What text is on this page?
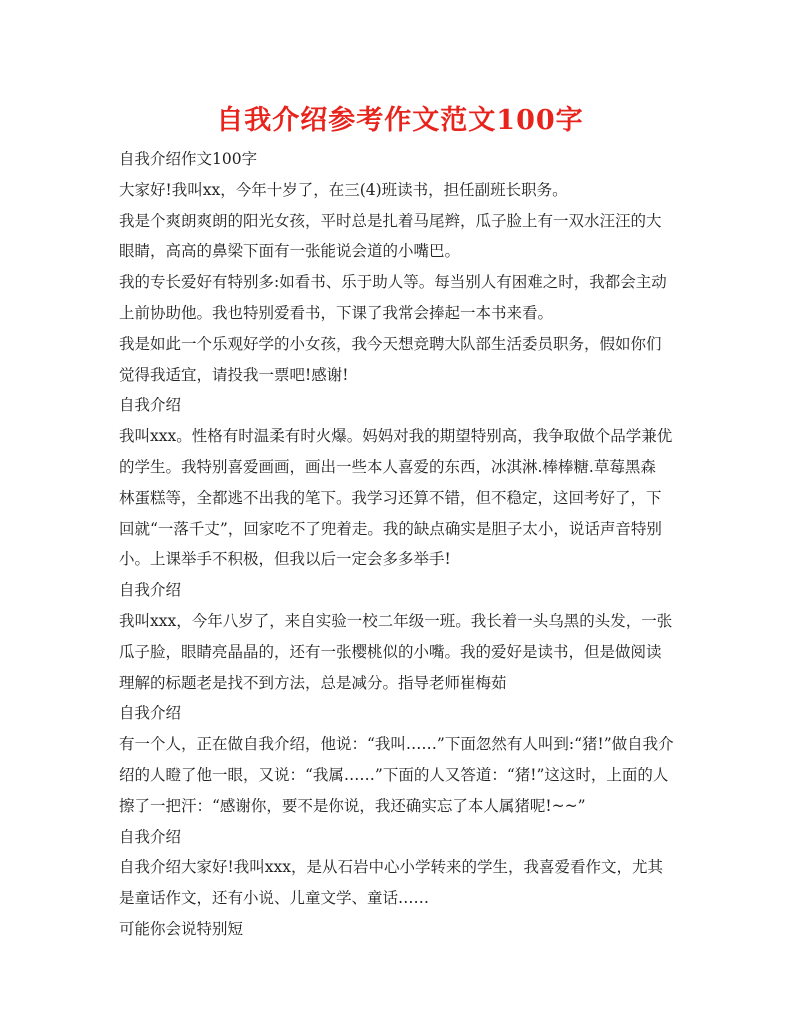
自我介绍参考作文范文100字
自我介绍作文100字
大家好!我叫xx，今年十岁了，在三(4)班读书，担任副班长职务。
我是个爽朗爽朗的阳光女孩，平时总是扎着马尾辫，瓜子脸上有一双水汪汪的大
眼睛，高高的鼻梁下面有一张能说会道的小嘴巴。
我的专长爱好有特别多:如看书、乐于助人等。每当别人有困难之时，我都会主动
上前协助他。我也特别爱看书，下课了我常会捧起一本书来看。
我是如此一个乐观好学的小女孩，我今天想竞聘大队部生活委员职务，假如你们
觉得我适宜，请投我一票吧!感谢!
自我介绍
我叫xxx。性格有时温柔有时火爆。妈妈对我的期望特别高，我争取做个品学兼优
的学生。我特别喜爱画画，画出一些本人喜爱的东西，冰淇淋.棒棒糖.草莓黑森
林蛋糕等，全都逃不出我的笔下。我学习还算不错，但不稳定，这回考好了，下
回就“一落千丈”，回家吃不了兜着走。我的缺点确实是胆子太小，说话声音特别
小。上课举手不积极，但我以后一定会多多举手!
自我介绍
我叫xxx，今年八岁了，来自实验一校二年级一班。我长着一头乌黑的头发，一张
瓜子脸，眼睛亮晶晶的，还有一张樱桃似的小嘴。我的爱好是读书，但是做阅读
理解的标题老是找不到方法，总是减分。指导老师崔梅茹
自我介绍
有一个人，正在做自我介绍，他说：“我叫……”下面忽然有人叫到:“猪!”做自我介
绍的人瞪了他一眼，又说：“我属……”下面的人又答道：“猪!”这这时，上面的人
擦了一把汗：“感谢你，要不是你说，我还确实忘了本人属猪呢!~~”
自我介绍
自我介绍大家好!我叫xxx，是从石岩中心小学转来的学生，我喜爱看作文，尤其
是童话作文，还有小说、儿童文学、童话……
可能你会说特别短
